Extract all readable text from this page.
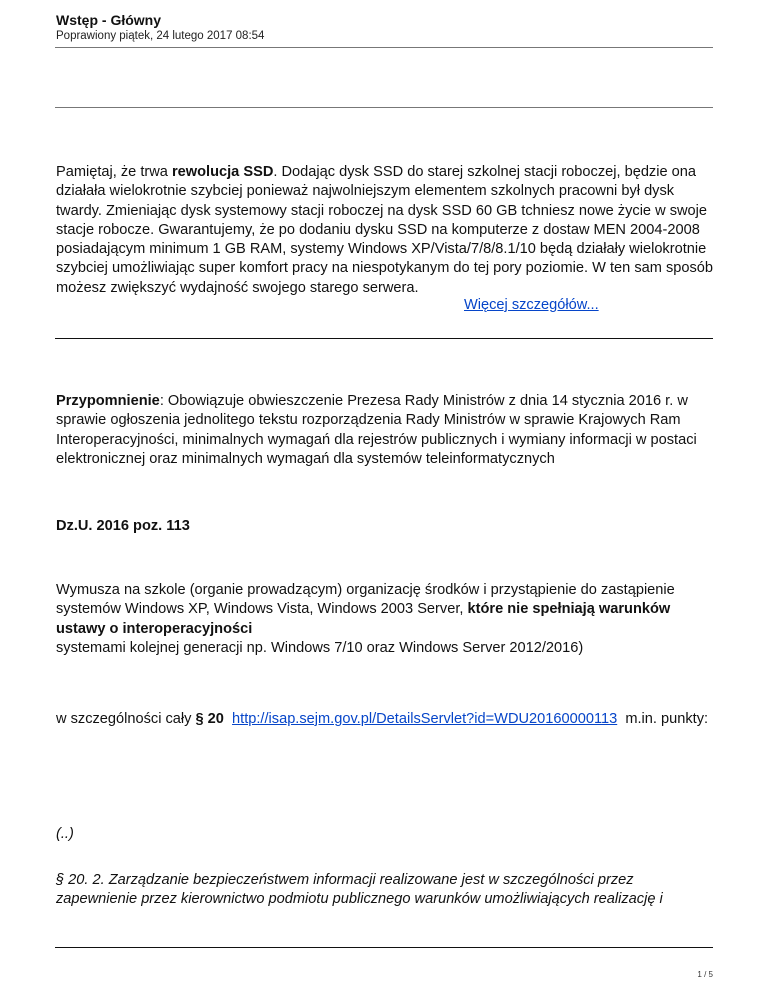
Wstęp - Główny
Poprawiony piątek, 24 lutego 2017 08:54
Pamiętaj, że trwa rewolucja SSD. Dodając dysk SSD do starej szkolnej stacji roboczej, będzie ona działała wielokrotnie szybciej ponieważ najwolniejszym elementem szkolnych pracowni był dysk twardy. Zmieniając dysk systemowy stacji roboczej na dysk SSD 60 GB tchniesz nowe życie w swoje stacje robocze. Gwarantujemy, że po dodaniu dysku SSD na komputerze z dostaw MEN 2004-2008 posiadającym minimum 1 GB RAM, systemy Windows XP/Vista/7/8/8.1/10 będą działały wielokrotnie szybciej umożliwiając super komfort pracy na niespotykanym do tej pory poziomie. W ten sam sposób możesz zwiększyć wydajność swojego starego serwera.
Więcej szczegółów...
Przypomnienie: Obowiązuje obwieszczenie Prezesa Rady Ministrów z dnia 14 stycznia 2016 r. w sprawie ogłoszenia jednolitego tekstu rozporządzenia Rady Ministrów w sprawie Krajowych Ram Interoperacyjności, minimalnych wymagań dla rejestrów publicznych i wymiany informacji w postaci elektronicznej oraz minimalnych wymagań dla systemów teleinformatycznych
Dz.U. 2016 poz. 113
Wymusza na szkole (organie prowadzącym) organizację środków i przystąpienie do zastąpienie systemów Windows XP, Windows Vista, Windows 2003 Server, które nie spełniają warunków ustawy o interoperacyjności
systemami kolejnej generacji np. Windows 7/10 oraz Windows Server 2012/2016)
w szczególności cały § 20 http://isap.sejm.gov.pl/DetailsServlet?id=WDU20160000113  m.in. punkty:
(..)
§ 20. 2. Zarządzanie bezpieczeństwem informacji realizowane jest w szczególności przez zapewnienie przez kierownictwo podmiotu publicznego warunków umożliwiających realizację i
1 / 5
